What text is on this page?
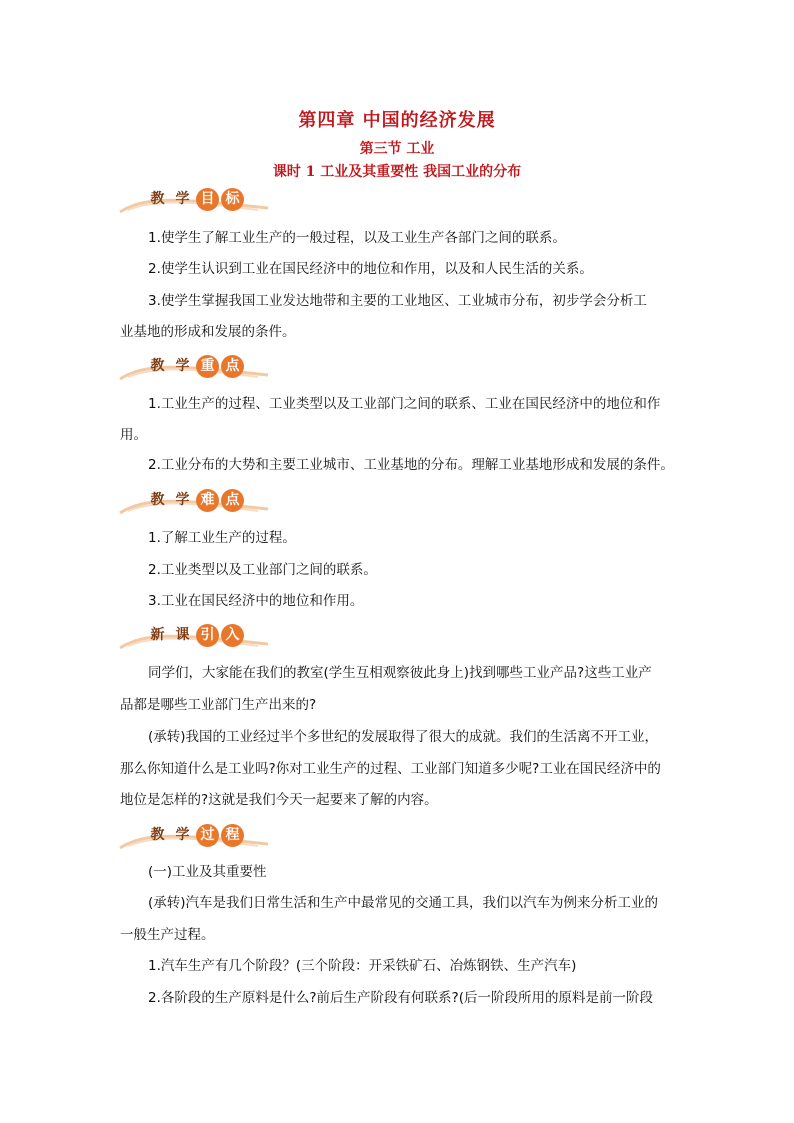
第四章 中国的经济发展
第三节 工业
课时 1 工业及其重要性 我国工业的分布
教 学 目 标
1.使学生了解工业生产的一般过程，以及工业生产各部门之间的联系。
2.使学生认识到工业在国民经济中的地位和作用，以及和人民生活的关系。
3.使学生掌握我国工业发达地带和主要的工业地区、工业城市分布，初步学会分析工
业基地的形成和发展的条件。
教 学 重 点
1.工业生产的过程、工业类型以及工业部门之间的联系、工业在国民经济中的地位和作
用。
2.工业分布的大势和主要工业城市、工业基地的分布。理解工业基地形成和发展的条件。
教 学 难 点
1.了解工业生产的过程。
2.工业类型以及工业部门之间的联系。
3.工业在国民经济中的地位和作用。
新 课 引 入
同学们，大家能在我们的教室(学生互相观察彼此身上)找到哪些工业产品?这些工业产
品都是哪些工业部门生产出来的?
(承转)我国的工业经过半个多世纪的发展取得了很大的成就。我们的生活离不开工业，
那么你知道什么是工业吗?你对工业生产的过程、工业部门知道多少呢?工业在国民经济中的
地位是怎样的?这就是我们今天一起要来了解的内容。
教 学 过 程
(一)工业及其重要性
(承转)汽车是我们日常生活和生产中最常见的交通工具，我们以汽车为例来分析工业的
一般生产过程。
1.汽车生产有几个阶段？(三个阶段：开采铁矿石、冶炼钢铁、生产汽车)
2.各阶段的生产原料是什么?前后生产阶段有何联系?(后一阶段所用的原料是前一阶段
